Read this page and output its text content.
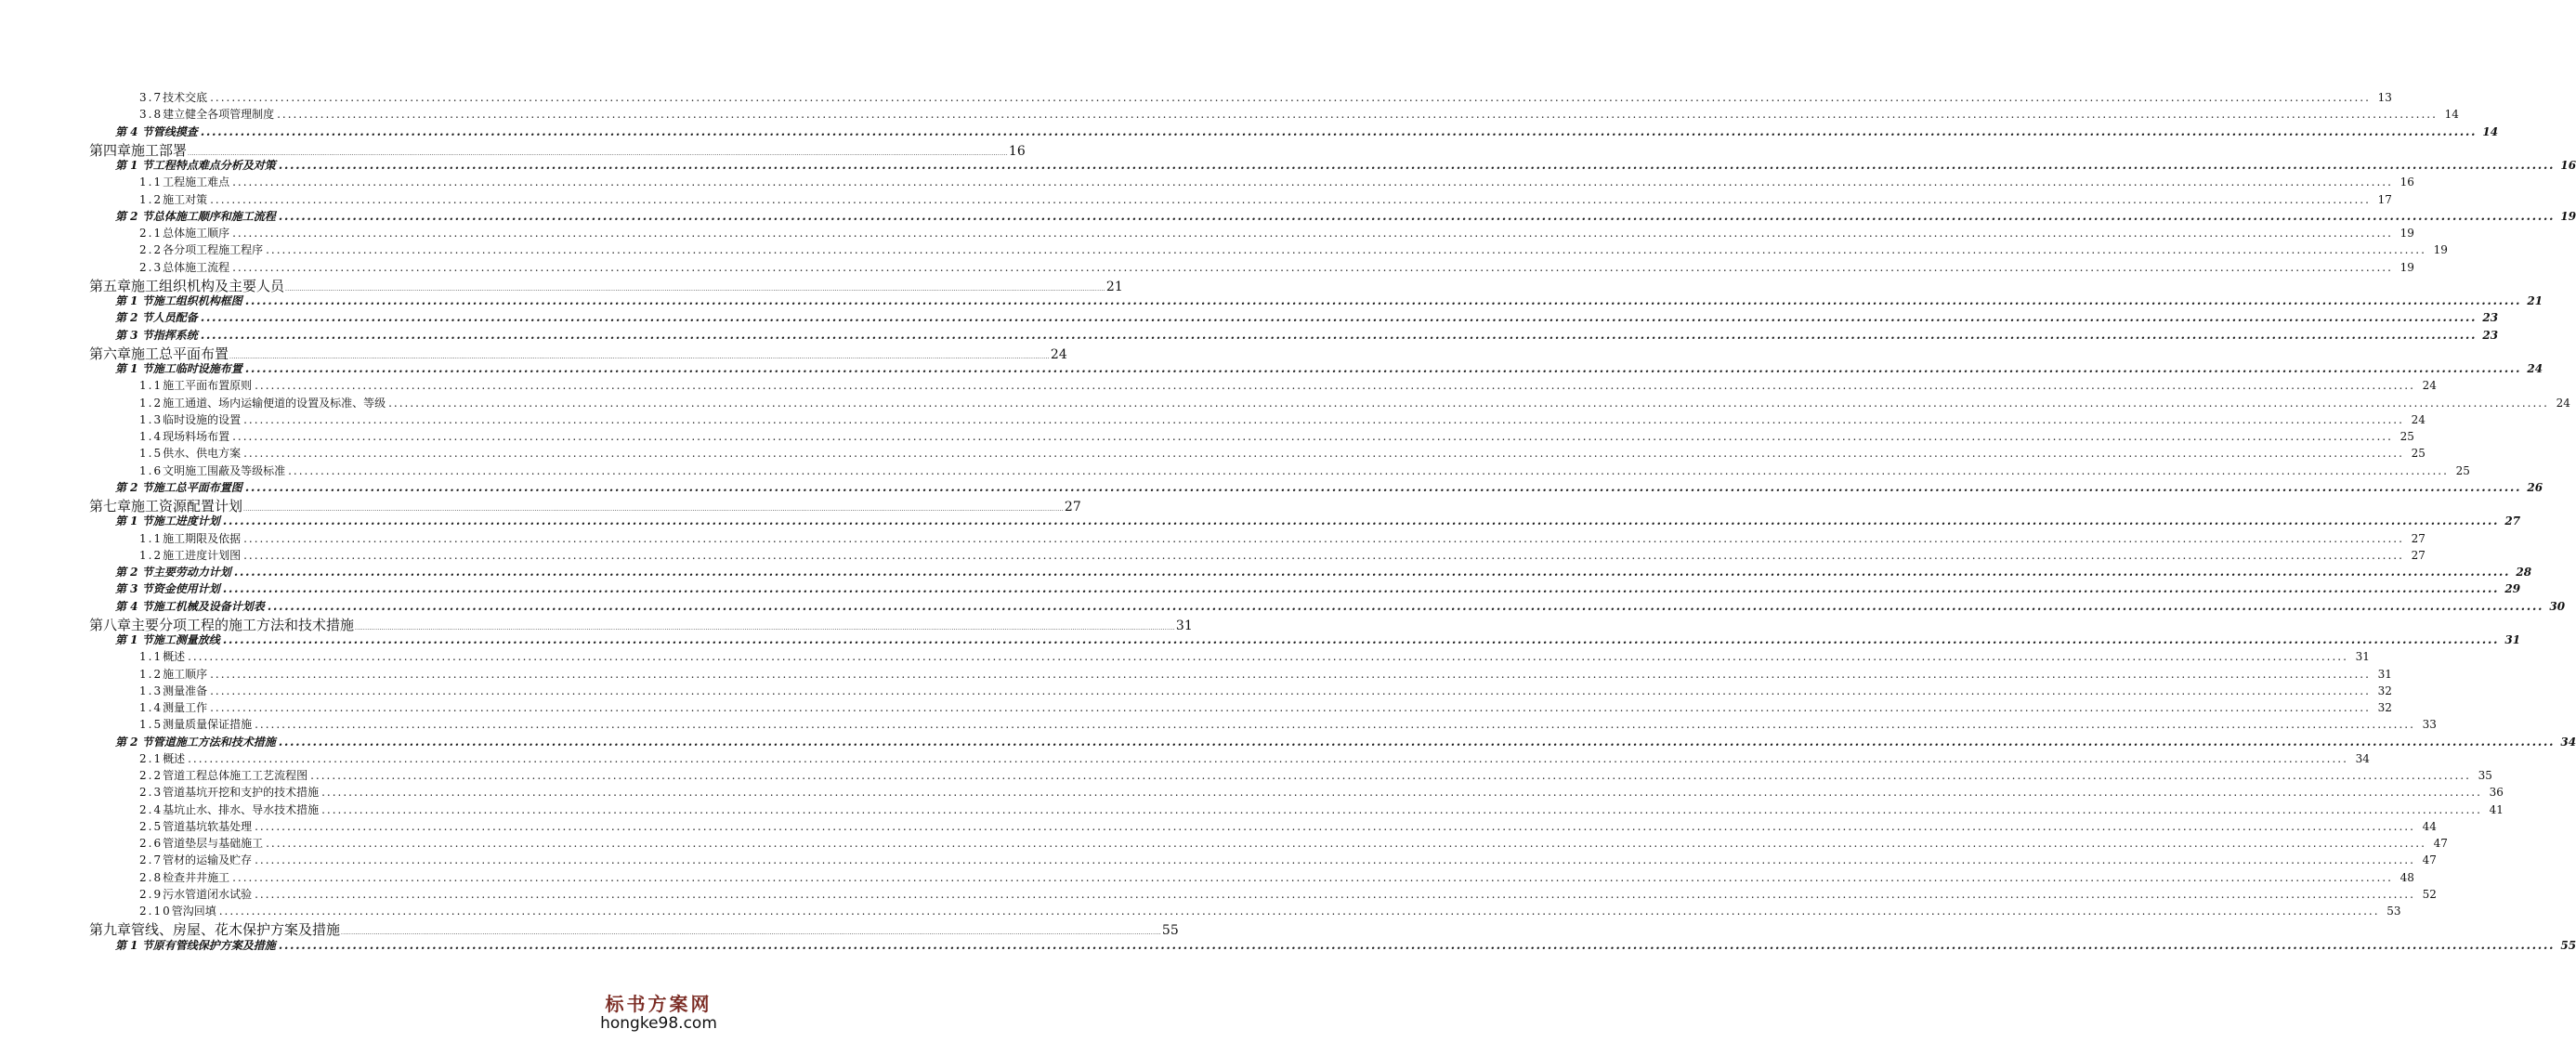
3.7 技术交底 ................................................................................................................................................................................................................................................................................................................................................................................................................ 13
3.8 建立健全各项管理制度 ................................................................................................................................................................................................................................................................................................................................................................................................................ 14
第 4 节 管线摸查 ................................................................................................................................................................................................................................................................................................................................................................................................................ 14
第四章 施工部署 ................................................................................................................................................................................................................................................................................................................................................................................................................ 16
第 1 节 工程特点难点分析及对策 ................................................................................................................................................................................................................................................................................................................................................................................................................ 16
1.1 工程施工难点 ................................................................................................................................................................................................................................................................................................................................................................................................................ 16
1.2 施工对策 ................................................................................................................................................................................................................................................................................................................................................................................................................ 17
第 2 节 总体施工顺序和施工流程 ................................................................................................................................................................................................................................................................................................................................................................................................................ 19
2.1 总体施工顺序 ................................................................................................................................................................................................................................................................................................................................................................................................................ 19
2.2 各分项工程施工程序 ................................................................................................................................................................................................................................................................................................................................................................................................................ 19
2.3 总体施工流程 ................................................................................................................................................................................................................................................................................................................................................................................................................ 19
第五章 施工组织机构及主要人员 ................................................................................................................................................................................................................................................................................................................................................................................................................ 21
第 1 节 施工组织机构框图 ................................................................................................................................................................................................................................................................................................................................................................................................................ 21
第 2 节 人员配备 ................................................................................................................................................................................................................................................................................................................................................................................................................ 23
第 3 节 指挥系统 ................................................................................................................................................................................................................................................................................................................................................................................................................ 23
第六章 施工总平面布置 ................................................................................................................................................................................................................................................................................................................................................................................................................ 24
第 1 节 施工临时设施布置 ................................................................................................................................................................................................................................................................................................................................................................................................................ 24
1.1 施工平面布置原则 ................................................................................................................................................................................................................................................................................................................................................................................................................ 24
1.2 施工通道、场内运输便道的设置及标准、等级 ................................................................................................................................................................................................................................................................................................................................................................................................................ 24
1.3 临时设施的设置 ................................................................................................................................................................................................................................................................................................................................................................................................................ 24
1.4 现场料场布置 ................................................................................................................................................................................................................................................................................................................................................................................................................ 25
1.5 供水、供电方案 ................................................................................................................................................................................................................................................................................................................................................................................................................ 25
1.6 文明施工围蔽及等级标准 ................................................................................................................................................................................................................................................................................................................................................................................................................ 25
第 2 节 施工总平面布置图 ................................................................................................................................................................................................................................................................................................................................................................................................................ 26
第七章 施工资源配置计划 ................................................................................................................................................................................................................................................................................................................................................................................................................ 27
第 1 节 施工进度计划 ................................................................................................................................................................................................................................................................................................................................................................................................................ 27
1.1 施工期限及依据 ................................................................................................................................................................................................................................................................................................................................................................................................................ 27
1.2 施工进度计划图 ................................................................................................................................................................................................................................................................................................................................................................................................................ 27
第 2 节 主要劳动力计划 ................................................................................................................................................................................................................................................................................................................................................................................................................ 28
第 3 节 资金使用计划 ................................................................................................................................................................................................................................................................................................................................................................................................................ 29
第 4 节 施工机械及设备计划表 ................................................................................................................................................................................................................................................................................................................................................................................................................ 30
第八章 主要分项工程的施工方法和技术措施 ................................................................................................................................................................................................................................................................................................................................................................................................................ 31
第 1 节 施工测量放线 ................................................................................................................................................................................................................................................................................................................................................................................................................ 31
1.1 概述 ................................................................................................................................................................................................................................................................................................................................................................................................................ 31
1.2 施工顺序 ................................................................................................................................................................................................................................................................................................................................................................................................................ 31
1.3 测量准备 ................................................................................................................................................................................................................................................................................................................................................................................................................ 32
1.4 测量工作 ................................................................................................................................................................................................................................................................................................................................................................................................................ 32
1.5 测量质量保证措施 ................................................................................................................................................................................................................................................................................................................................................................................................................ 33
第 2 节 管道施工方法和技术措施 ................................................................................................................................................................................................................................................................................................................................................................................................................ 34
2.1 概述 ................................................................................................................................................................................................................................................................................................................................................................................................................ 34
2.2 管道工程总体施工工艺流程图 ................................................................................................................................................................................................................................................................................................................................................................................................................ 35
2.3 管道基坑开挖和支护的技术措施 ................................................................................................................................................................................................................................................................................................................................................................................................................ 36
2.4 基坑止水、排水、导水技术措施 ................................................................................................................................................................................................................................................................................................................................................................................................................ 41
2.5 管道基坑软基处理 ................................................................................................................................................................................................................................................................................................................................................................................................................ 44
2.6 管道垫层与基础施工 ................................................................................................................................................................................................................................................................................................................................................................................................................ 47
2.7 管材的运输及贮存 ................................................................................................................................................................................................................................................................................................................................................................................................................ 47
2.8 检查井井施工 ................................................................................................................................................................................................................................................................................................................................................................................................................ 48
2.9 污水管道闭水试验 ................................................................................................................................................................................................................................................................................................................................................................................................................ 52
2.10 管沟回填 ................................................................................................................................................................................................................................................................................................................................................................................................................ 53
第九章 管线、房屋、花木保护方案及措施 ................................................................................................................................................................................................................................................................................................................................................................................................................ 55
第 1 节 原有管线保护方案及措施 ................................................................................................................................................................................................................................................................................................................................................................................................................ 55
标书方案网
hongke98.com
